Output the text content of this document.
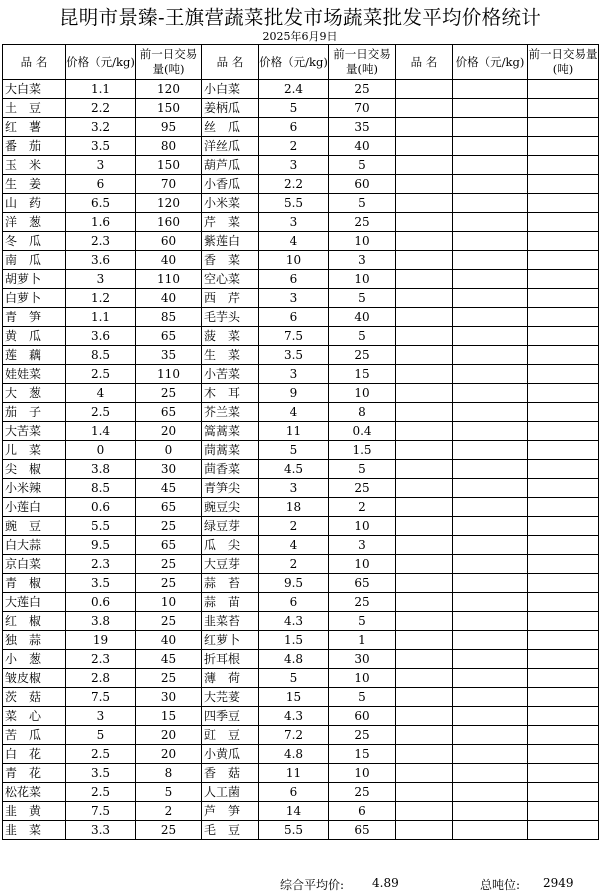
昆明市景臻-王旗营蔬菜批发市场蔬菜批发平均价格统计
2025年6月9日
品 名	价格（元/kg)	前一日交易量(吨)	品 名	价格（元/kg)	前一日交易量(吨)	品 名	价格（元/kg)	前一日交易量(吨)
大白菜	1.1	120	小白菜	2.4	25			
土　豆	2.2	150	姜柄瓜	5	70			
红　薯	3.2	95	丝　瓜	6	35			
番　茄	3.5	80	洋丝瓜	2	40			
玉　米	3	150	葫芦瓜	3	5			
生　姜	6	70	小香瓜	2.2	60			
山　药	6.5	120	小米菜	5.5	5			
洋　葱	1.6	160	芹　菜	3	25			
冬　瓜	2.3	60	紫莲白	4	10			
南　瓜	3.6	40	香　菜	10	3			
胡萝卜	3	110	空心菜	6	10			
白萝卜	1.2	40	西　芹	3	5			
青　笋	1.1	85	毛芋头	6	40			
黄　瓜	3.6	65	菠　菜	7.5	5			
莲　藕	8.5	35	生　菜	3.5	25			
娃娃菜	2.5	110	小苦菜	3	15			
大　葱	4	25	木　耳	9	10			
茄　子	2.5	65	芥兰菜	4	8			
大苦菜	1.4	20	篙蒿菜	11	0.4			
儿　菜	0	0	茼蒿菜	5	1.5			
尖　椒	3.8	30	茴香菜	4.5	5			
小米辣	8.5	45	青笋尖	3	25			
小莲白	0.6	65	豌豆尖	18	2			
豌　豆	5.5	25	绿豆芽	2	10			
白大蒜	9.5	65	瓜　尖	4	3			
京白菜	2.3	25	大豆芽	2	10			
青　椒	3.5	25	蒜　苔	9.5	65			
大莲白	0.6	10	蒜　苗	6	25			
红　椒	3.8	25	韭菜苔	4.3	5			
独　蒜	19	40	红萝卜	1.5	1			
小　葱	2.3	45	折耳根	4.8	30			
皱皮椒	2.8	25	薄　荷	5	10			
茨　菇	7.5	30	大芫荽	15	5			
菜　心	3	15	四季豆	4.3	60			
苦　瓜	5	20	豇　豆	7.2	25			
白　花	2.5	20	小黄瓜	4.8	15			
青　花	3.5	8	香　菇	11	10			
松花菜	2.5	5	人工菌	6	25			
韭　黄	7.5	2	芦　笋	14	6			
韭　菜	3.3	25	毛　豆	5.5	65			
综合平均价: 4.89	总吨位: 2949
